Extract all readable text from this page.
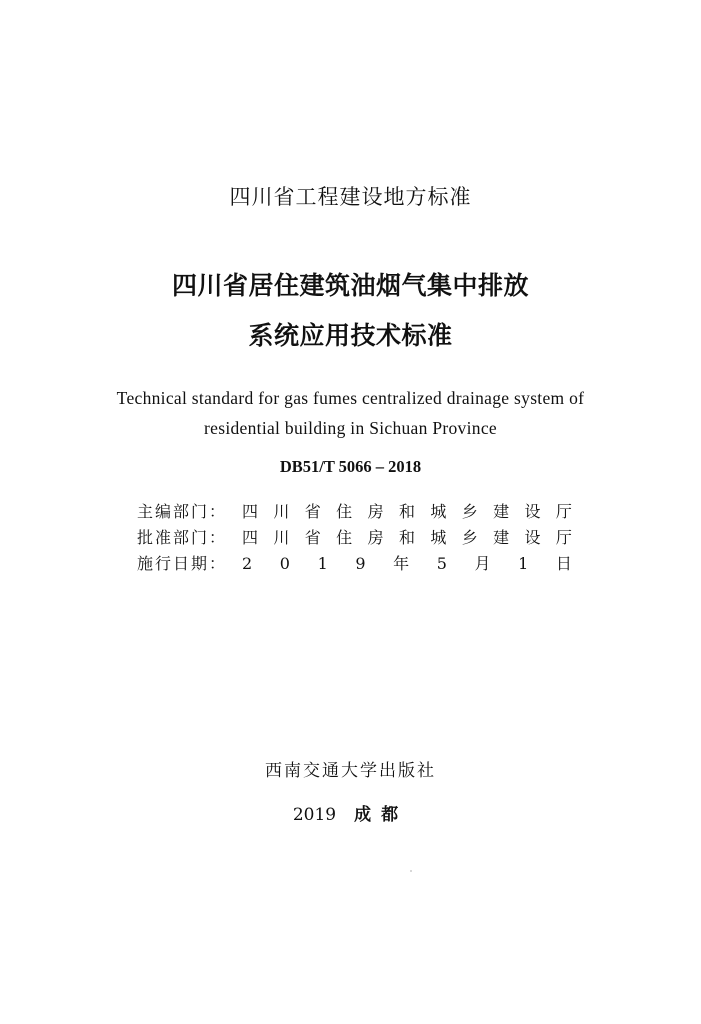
四川省工程建设地方标准
四川省居住建筑油烟气集中排放
系统应用技术标准
Technical standard for gas fumes centralized drainage system of
residential building in Sichuan Province
DB51/T 5066 – 2018
主编部门： 四 川 省 住 房 和 城 乡 建 设 厅
批准部门： 四 川 省 住 房 和 城 乡 建 设 厅
施行日期： 2 0 1 9 年 5 月 1 日
西南交通大学出版社
2019 成都
